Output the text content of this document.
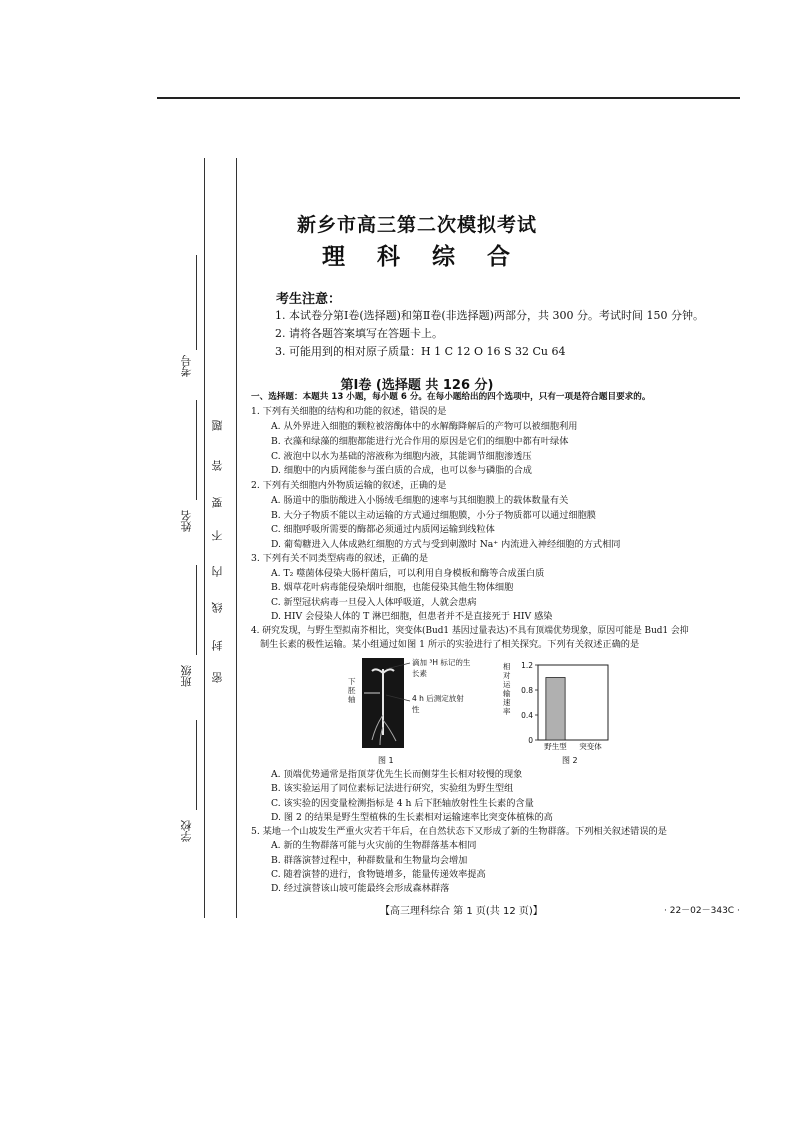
考号
姓名
班级
学校
题
答
要
不
内
线
封
密
新乡市高三第二次模拟考试
理 科 综 合
考生注意：
1. 本试卷分第Ⅰ卷(选择题)和第Ⅱ卷(非选择题)两部分，共 300 分。考试时间 150 分钟。
2. 请将各题答案填写在答题卡上。
3. 可能用到的相对原子质量：H 1 C 12 O 16 S 32 Cu 64
第Ⅰ卷 (选择题 共 126 分)
一、选择题：本题共 13 小题，每小题 6 分。在每小题给出的四个选项中，只有一项是符合题目要求的。
1. 下列有关细胞的结构和功能的叙述，错误的是
A. 从外界进入细胞的颗粒被溶酶体中的水解酶降解后的产物可以被细胞利用
B. 衣藻和绿藻的细胞都能进行光合作用的原因是它们的细胞中都有叶绿体
C. 液泡中以水为基础的溶液称为细胞内液，其能调节细胞渗透压
D. 细胞中的内质网能参与蛋白质的合成，也可以参与磷脂的合成
2. 下列有关细胞内外物质运输的叙述，正确的是
A. 肠道中的脂肪酸进入小肠绒毛细胞的速率与其细胞膜上的载体数量有关
B. 大分子物质不能以主动运输的方式通过细胞膜，小分子物质都可以通过细胞膜
C. 细胞呼吸所需要的酶都必须通过内质网运输到线粒体
D. 葡萄糖进入人体成熟红细胞的方式与受到刺激时 Na⁺ 内流进入神经细胞的方式相同
3. 下列有关不同类型病毒的叙述，正确的是
A. T₂ 噬菌体侵染大肠杆菌后，可以利用自身模板和酶等合成蛋白质
B. 烟草花叶病毒能侵染烟叶细胞，也能侵染其他生物体细胞
C. 新型冠状病毒一旦侵入人体呼吸道，人就会患病
D. HIV 会侵染人体的 T 淋巴细胞，但患者并不是直接死于 HIV 感染
4. 研究发现，与野生型拟南芥相比，突变体(Bud1 基因过量表达)不具有顶端优势现象，原因可能是 Bud1 会抑
制生长素的极性运输。某小组通过如图 1 所示的实验进行了相关探究。下列有关叙述正确的是
下胚轴
滴加 ³H 标记的生长素
4 h 后测定放射性
图 1
1.2
0.8
0.4
0
野生型 突变体
相对运输速率
图 2
A. 顶端优势通常是指顶芽优先生长而侧芽生长相对较慢的现象
B. 该实验运用了同位素标记法进行研究，实验组为野生型组
C. 该实验的因变量检测指标是 4 h 后下胚轴放射性生长素的含量
D. 图 2 的结果是野生型植株的生长素相对运输速率比突变体植株的高
5. 某地一个山坡发生严重火灾若干年后，在自然状态下又形成了新的生物群落。下列相关叙述错误的是
A. 新的生物群落可能与火灾前的生物群落基本相同
B. 群落演替过程中，种群数量和生物量均会增加
C. 随着演替的进行，食物链增多，能量传递效率提高
D. 经过演替该山坡可能最终会形成森林群落
【高三理科综合 第 1 页(共 12 页)】	· 22－02－343C ·
